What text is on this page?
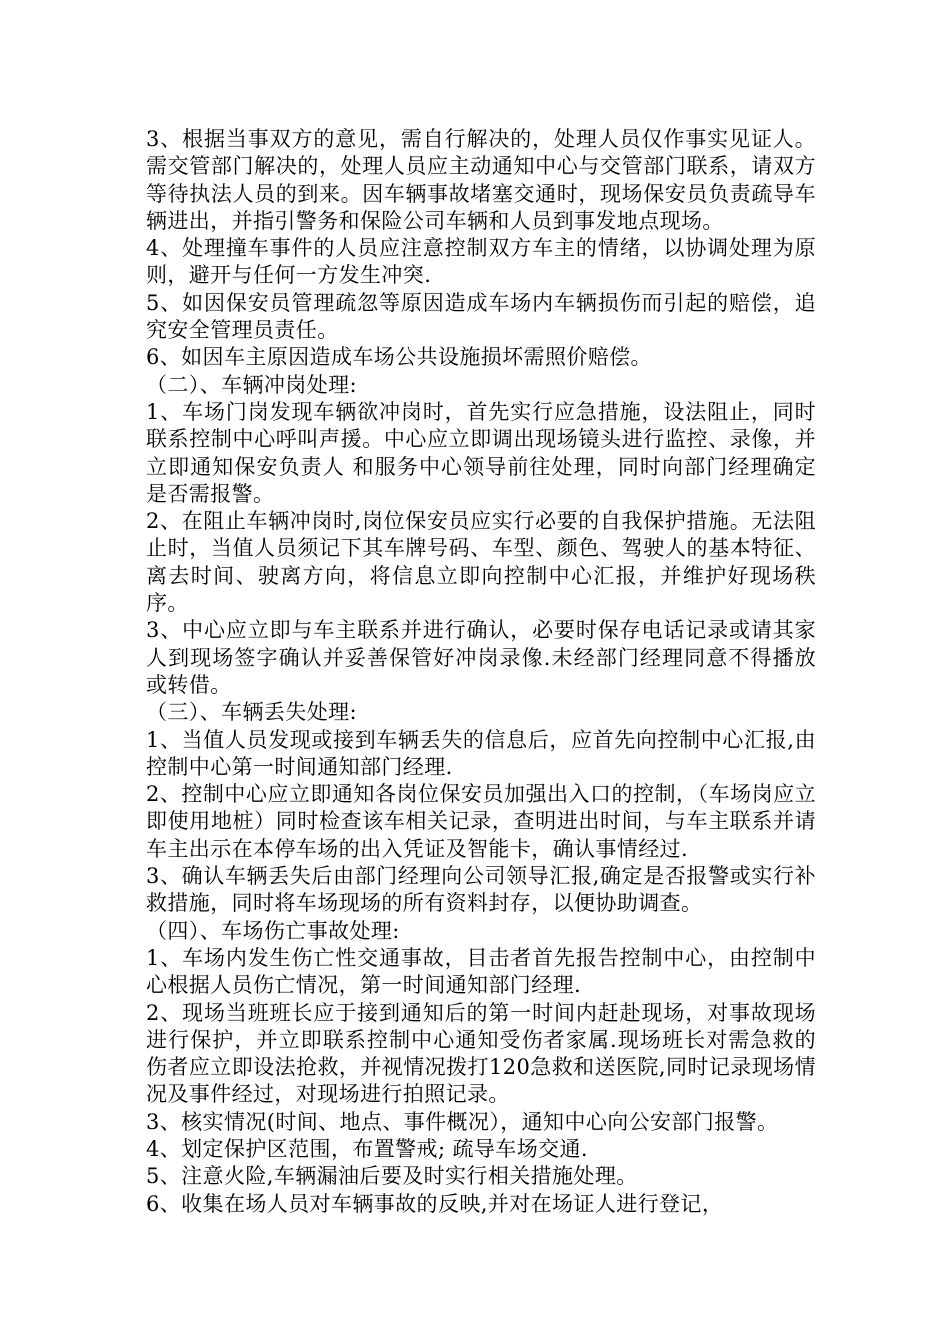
3、根据当事双方的意见，需自行解决的，处理人员仅作事实见证人。需交管部门解决的，处理人员应主动通知中心与交管部门联系，请双方等待执法人员的到来。因车辆事故堵塞交通时，现场保安员负责疏导车辆进出，并指引警务和保险公司车辆和人员到事发地点现场。

4、处理撞车事件的人员应注意控制双方车主的情绪，以协调处理为原则，避开与任何一方发生冲突.

5、如因保安员管理疏忽等原因造成车场内车辆损伤而引起的赔偿，追究安全管理员责任。

6、如因车主原因造成车场公共设施损坏需照价赔偿。

（二）、车辆冲岗处理:

1、车场门岗发现车辆欲冲岗时，首先实行应急措施，设法阻止，同时联系控制中心呼叫声援。中心应立即调出现场镜头进行监控、录像，并立即通知保安负责人 和服务中心领导前往处理，同时向部门经理确定是否需报警。

2、在阻止车辆冲岗时,岗位保安员应实行必要的自我保护措施。无法阻止时，当值人员须记下其车牌号码、车型、颜色、驾驶人的基本特征、离去时间、驶离方向，将信息立即向控制中心汇报，并维护好现场秩序。

3、中心应立即与车主联系并进行确认，必要时保存电话记录或请其家人到现场签字确认并妥善保管好冲岗录像.未经部门经理同意不得播放或转借。

（三）、车辆丢失处理:

1、当值人员发现或接到车辆丢失的信息后，应首先向控制中心汇报,由控制中心第一时间通知部门经理.

2、控制中心应立即通知各岗位保安员加强出入口的控制，（车场岗应立即使用地桩）同时检查该车相关记录，查明进出时间，与车主联系并请车主出示在本停车场的出入凭证及智能卡，确认事情经过.

3、确认车辆丢失后由部门经理向公司领导汇报,确定是否报警或实行补救措施，同时将车场现场的所有资料封存，以便协助调查。

（四）、车场伤亡事故处理:

1、车场内发生伤亡性交通事故，目击者首先报告控制中心，由控制中心根据人员伤亡情况，第一时间通知部门经理.

2、现场当班班长应于接到通知后的第一时间内赶赴现场，对事故现场进行保护，并立即联系控制中心通知受伤者家属.现场班长对需急救的伤者应立即设法抢救，并视情况拨打120急救和送医院,同时记录现场情况及事件经过，对现场进行拍照记录。

3、核实情况(时间、地点、事件概况），通知中心向公安部门报警。

4、划定保护区范围，布置警戒; 疏导车场交通.

5、注意火险,车辆漏油后要及时实行相关措施处理。

6、收集在场人员对车辆事故的反映,并对在场证人进行登记，
